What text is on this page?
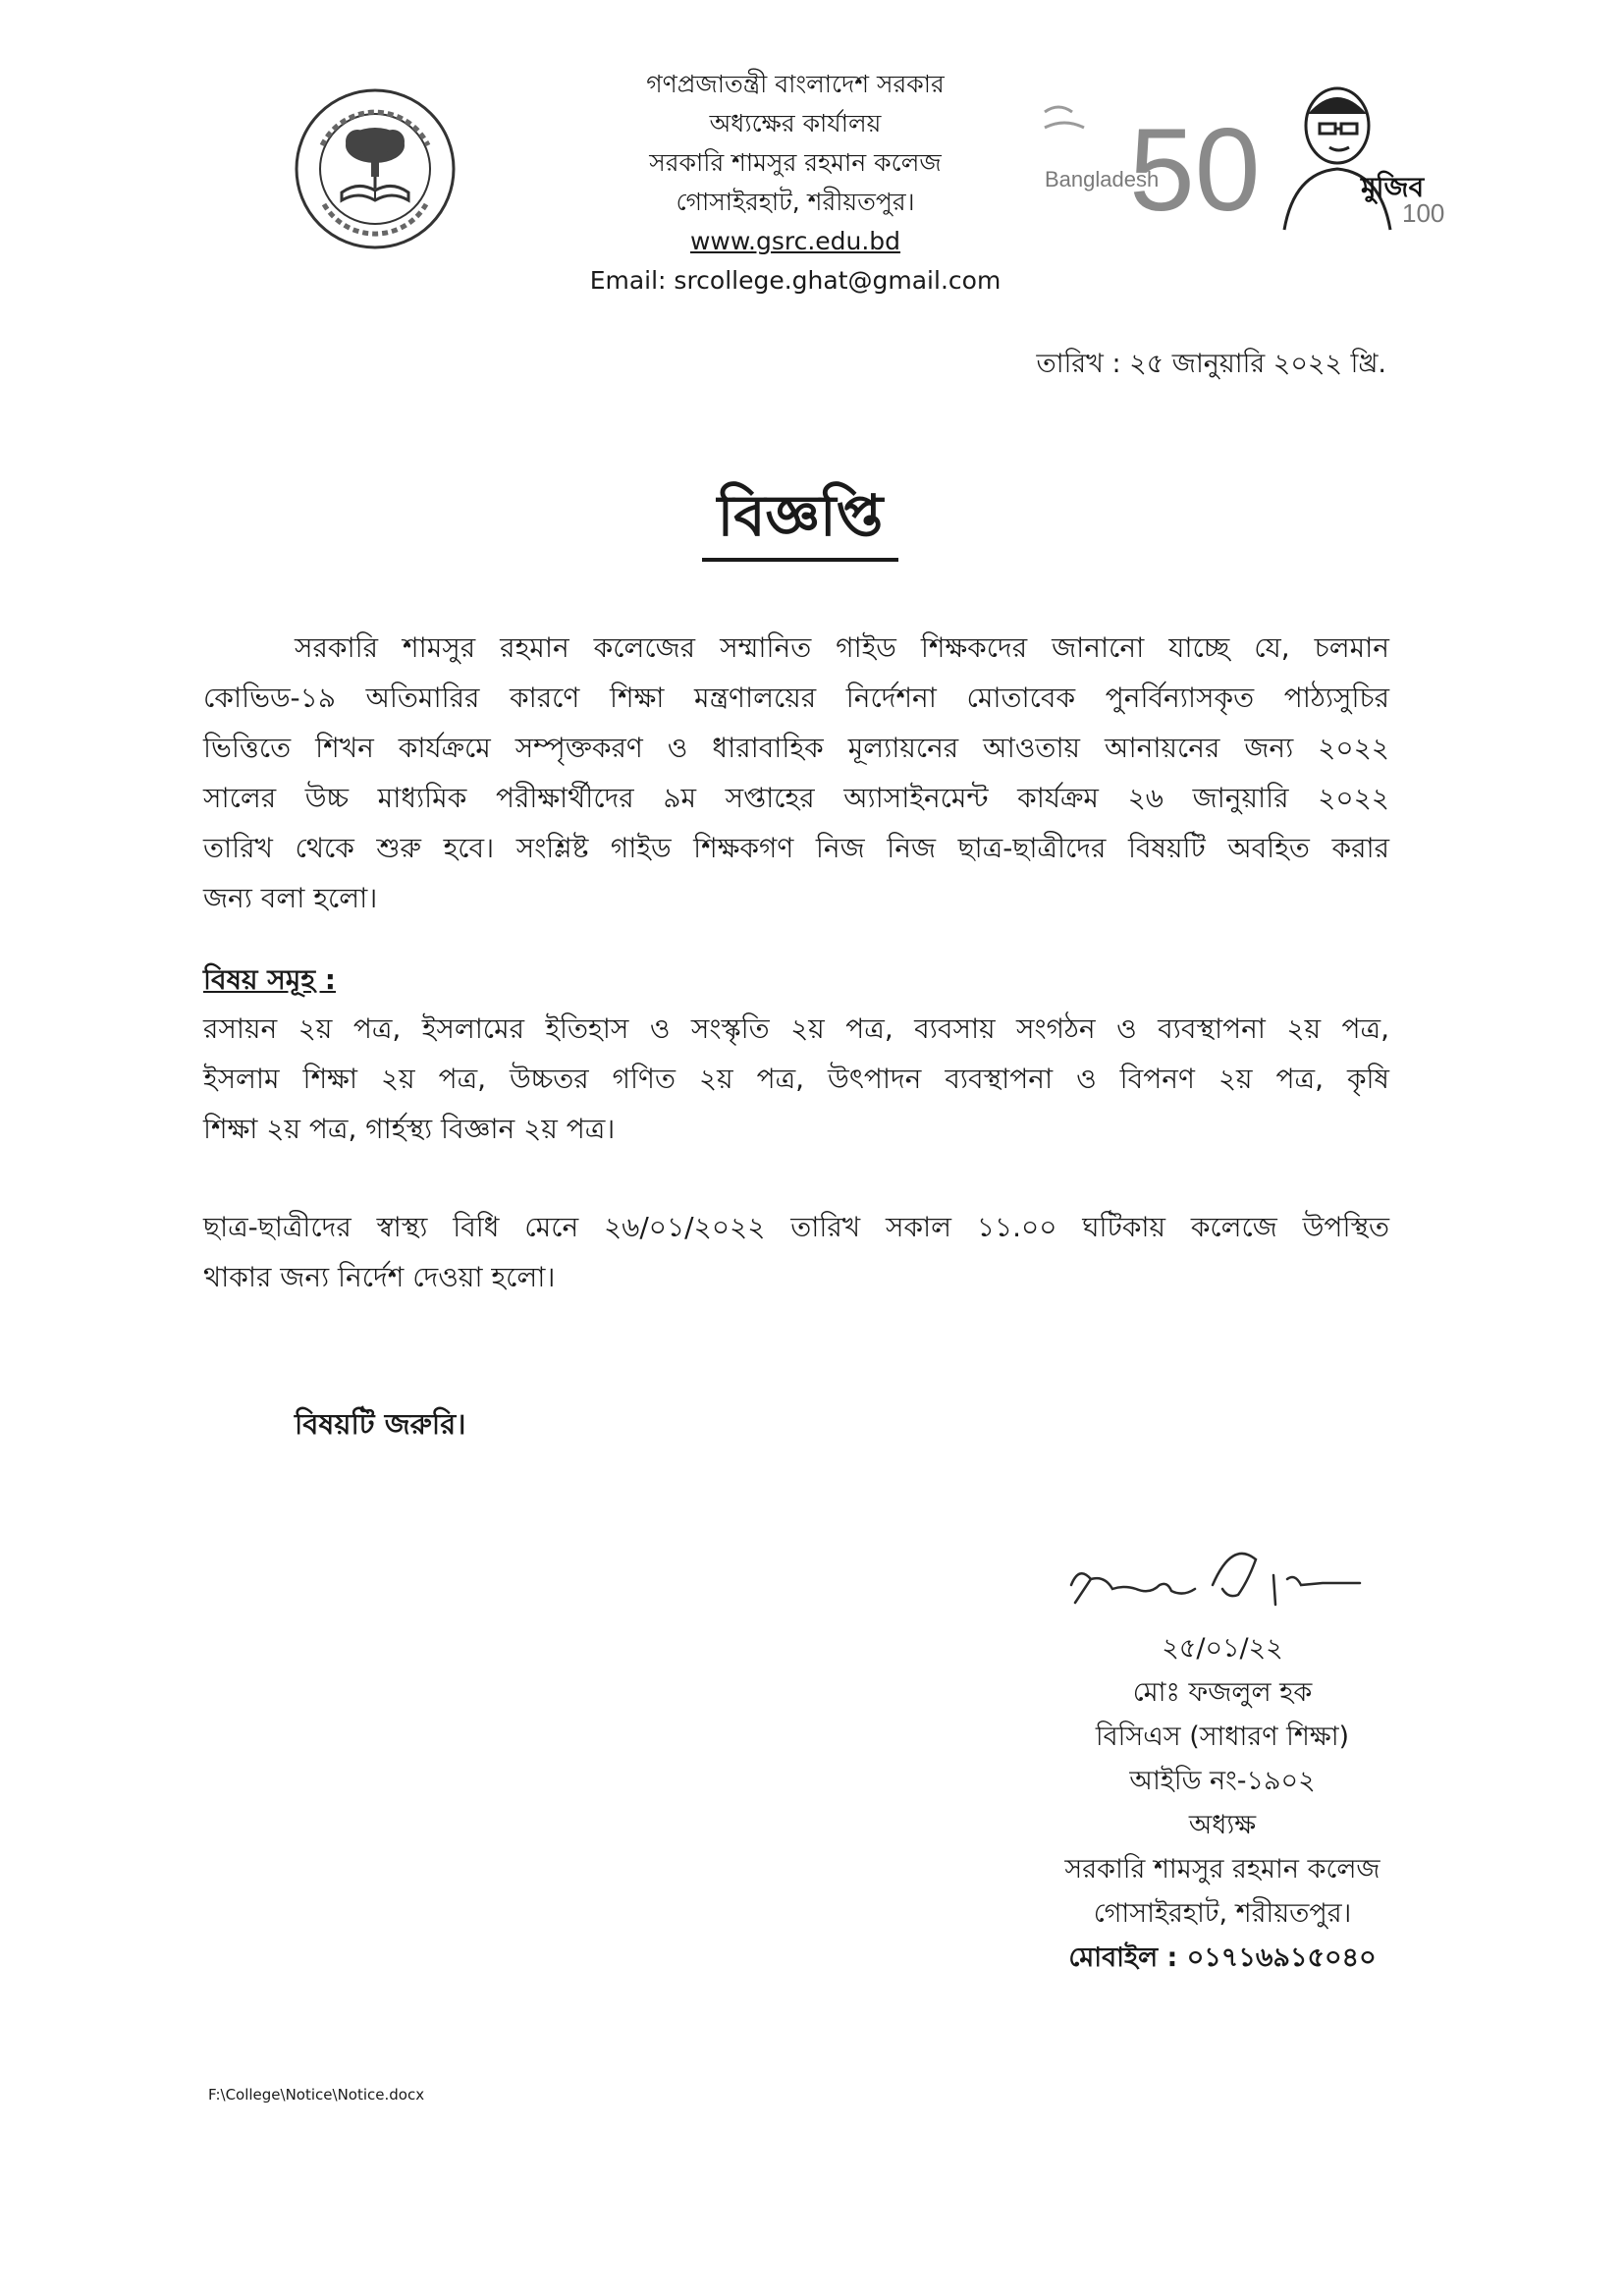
গণপ্রজাতন্ত্রী বাংলাদেশ সরকার
অধ্যক্ষের কার্যালয়
সরকারি শামসুর রহমান কলেজ
গোসাইরহাট, শরীয়তপুর।
www.gsrc.edu.bd
Email: srcollege.ghat@gmail.com
50
Bangladesh	মুজিব
100
তারিখ : ২৫ জানুয়ারি ২০২২ খ্রি.
বিজ্ঞপ্তি
সরকারি শামসুর রহমান কলেজের সম্মানিত গাইড শিক্ষকদের জানানো যাচ্ছে যে, চলমান
কোভিড-১৯ অতিমারির কারণে শিক্ষা মন্ত্রণালয়ের নির্দেশনা মোতাবেক পুনর্বিন্যাসকৃত পাঠ্যসুচির
ভিত্তিতে শিখন কার্যক্রমে সম্পৃক্তকরণ ও ধারাবাহিক মূল্যায়নের আওতায় আনায়নের জন্য ২০২২
সালের উচ্চ মাধ্যমিক পরীক্ষার্থীদের ৯ম সপ্তাহের অ্যাসাইনমেন্ট কার্যক্রম ২৬ জানুয়ারি ২০২২
তারিখ থেকে শুরু হবে। সংশ্লিষ্ট গাইড শিক্ষকগণ নিজ নিজ ছাত্র-ছাত্রীদের বিষয়টি অবহিত করার
জন্য বলা হলো।
বিষয় সমূহ :
রসায়ন ২য় পত্র, ইসলামের ইতিহাস ও সংস্কৃতি ২য় পত্র, ব্যবসায় সংগঠন ও ব্যবস্থাপনা ২য় পত্র,
ইসলাম শিক্ষা ২য় পত্র, উচ্চতর গণিত ২য় পত্র, উৎপাদন ব্যবস্থাপনা ও বিপনণ ২য় পত্র, কৃষি
শিক্ষা ২য় পত্র, গার্হস্থ্য বিজ্ঞান ২য় পত্র।
ছাত্র-ছাত্রীদের স্বাস্থ্য বিধি মেনে ২৬/০১/২০২২ তারিখ সকাল ১১.০০ ঘটিকায় কলেজে উপস্থিত
থাকার জন্য নির্দেশ দেওয়া হলো।
বিষয়টি জরুরি।
২৫/০১/২২
মোঃ ফজলুল হক
বিসিএস (সাধারণ শিক্ষা)
আইডি নং-১৯০২
অধ্যক্ষ
সরকারি শামসুর রহমান কলেজ
গোসাইরহাট, শরীয়তপুর।
মোবাইল : ০১৭১৬৯১৫০৪০
F:\College\Notice\Notice.docx
